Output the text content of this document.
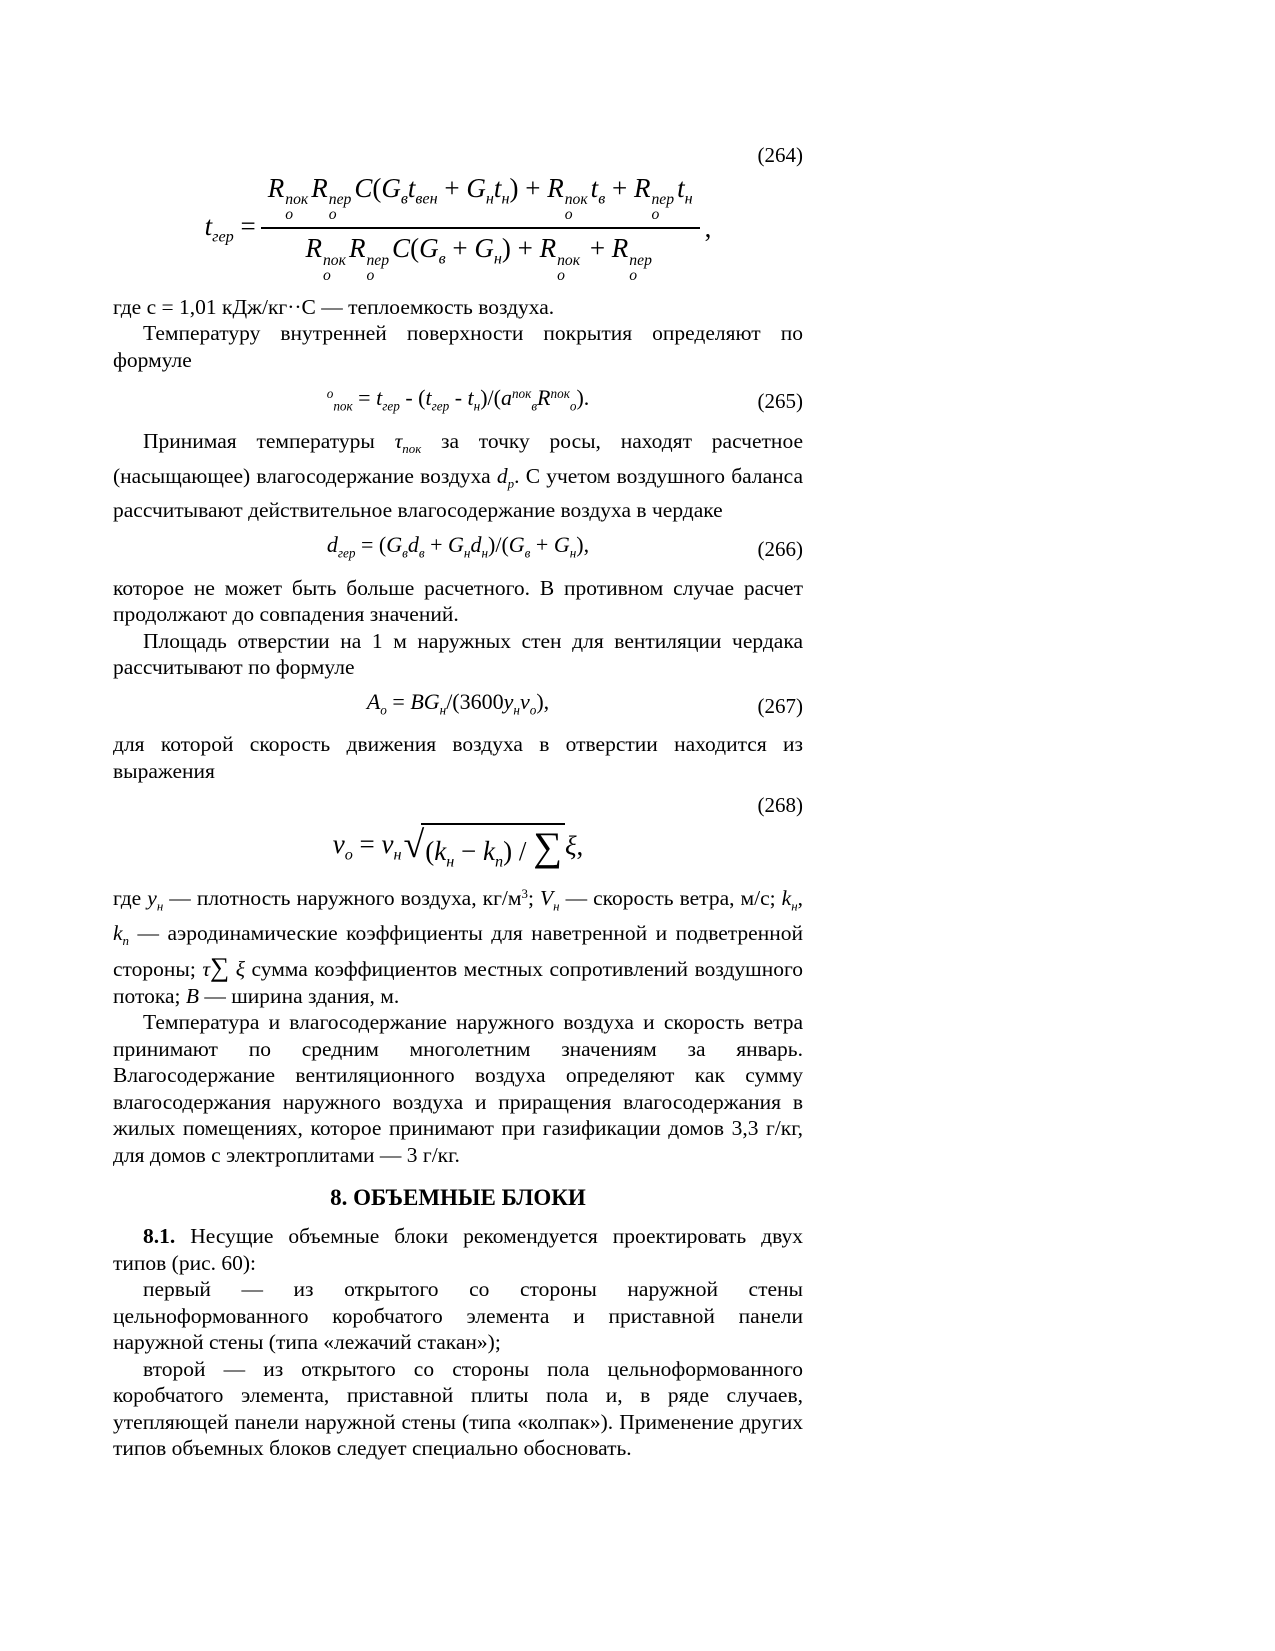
(264)
$t_{гер} = R$ пок
о
R пер
о
$C(G_вt_{вен} + G_нt_н) + R$ пок
о
$t_в + R$ пер
о
$t_н$
R пок
о
R пер
о
$C(G_в + G_н) + R$ пок
о
+ R пер
о ,

где с = 1,01 кДж/кг··С — теплоемкость воздуха.

Температуру внутренней поверхности покрытия определяют по формуле

$^o_{пок} = t_{гер} - (t_{гер} - t_н)/(a^{пок}_вR^{пок}_о)$.	(265)

Принимая температуры $\tau_{пок}$ за точку росы, находят расчетное (насыщающее) влагосодержание воздуха $d_р$. С учетом воздушного баланса рассчитывают действительное влагосодержание воздуха в чердаке

$d_{гер} = (G_вd_в + G_нd_н)/(G_в + G_н)$,	(266)

которое не может быть больше расчетного. В противном случае расчет продолжают до совпадения значений.

Площадь отверстии на 1 м наружных стен для вентиляции чердака рассчитывают по формуле

$A_о = BG_н/(3600y_нv_о)$,	(267)

для которой скорость движения воздуха в отверстии находится из выражения

(268)
$v_о = v_н$ √ $(k_н - k_п)$ / ∑ ξ,

где $y_н$ — плотность наружного воздуха, $кг/м^3$; $V_н$ — скорость ветра, м/с; $k_н$, $k_п$ — аэродинамические коэффициенты для наветренной и подветренной стороны; τ∑ ξ сумма коэффициентов местных сопротивлений воздушного потока; B — ширина здания, м.

Температура и влагосодержание наружного воздуха и скорость ветра принимают по средним многолетним значениям за январь. Влагосодержание вентиляционного воздуха определяют как сумму влагосодержания наружного воздуха и приращения влагосодержания в жилых помещениях, которое принимают при газификации домов 3,3 г/кг, для домов с электроплитами — 3 г/кг.

8. ОБЪЕМНЫЕ БЛОКИ

8.1. Несущие объемные блоки рекомендуется проектировать двух типов (рис. 60):

первый — из открытого со стороны наружной стены цельноформованного коробчатого элемента и приставной панели наружной стены (типа «лежачий стакан»);

второй — из открытого со стороны пола цельноформованного коробчатого элемента, приставной плиты пола и, в ряде случаев, утепляющей панели наружной стены (типа «колпак»). Применение других типов объемных блоков следует специально обосновать.
